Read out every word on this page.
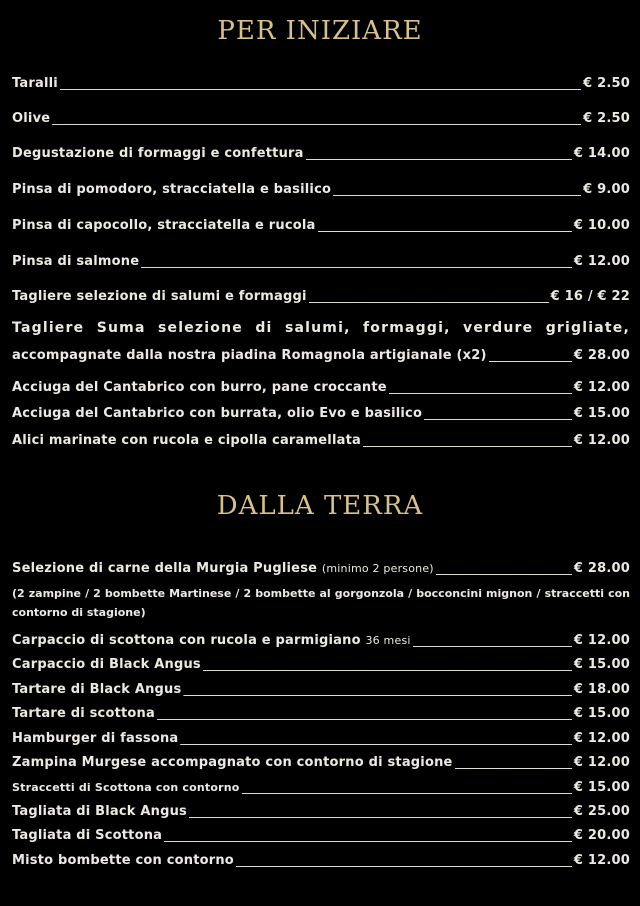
PER INIZIARE
Taralli _____	€ 2.50
Olive _____	€ 2.50
Degustazione di formaggi e confettura _____	€ 14.00
Pinsa di pomodoro, stracciatella e basilico _____	€ 9.00
Pinsa di capocollo, stracciatella e rucola _____	€ 10.00
Pinsa di salmone _____	€ 12.00
Tagliere selezione di salumi e formaggi _____	€ 16 / € 22
Tagliere Suma selezione di salumi, formaggi, verdure grigliate,
accompagnate dalla nostra piadina Romagnola artigianale (x2) _____	€ 28.00
Acciuga del Cantabrico con burro, pane croccante _____	€ 12.00
Acciuga del Cantabrico con burrata, olio Evo e basilico _____	€ 15.00
Alici marinate con rucola e cipolla caramellata _____	€ 12.00
DALLA TERRA
Selezione di carne della Murgia Pugliese (minimo 2 persone) _____	€ 28.00
(2 zampine / 2 bombette Martinese / 2 bombette al gorgonzola / bocconcini mignon / straccetti con contorno di stagione)
Carpaccio di scottona con rucola e parmigiano 36 mesi _____	€ 12.00
Carpaccio di Black Angus _____	€ 15.00
Tartare di Black Angus _____	€ 18.00
Tartare di scottona _____	€ 15.00
Hamburger di fassona _____	€ 12.00
Zampina Murgese accompagnato con contorno di stagione _____	€ 12.00
Straccetti di Scottona con contorno _____	€ 15.00
Tagliata di Black Angus _____	€ 25.00
Tagliata di Scottona _____	€ 20.00
Misto bombette con contorno _____	€ 12.00
